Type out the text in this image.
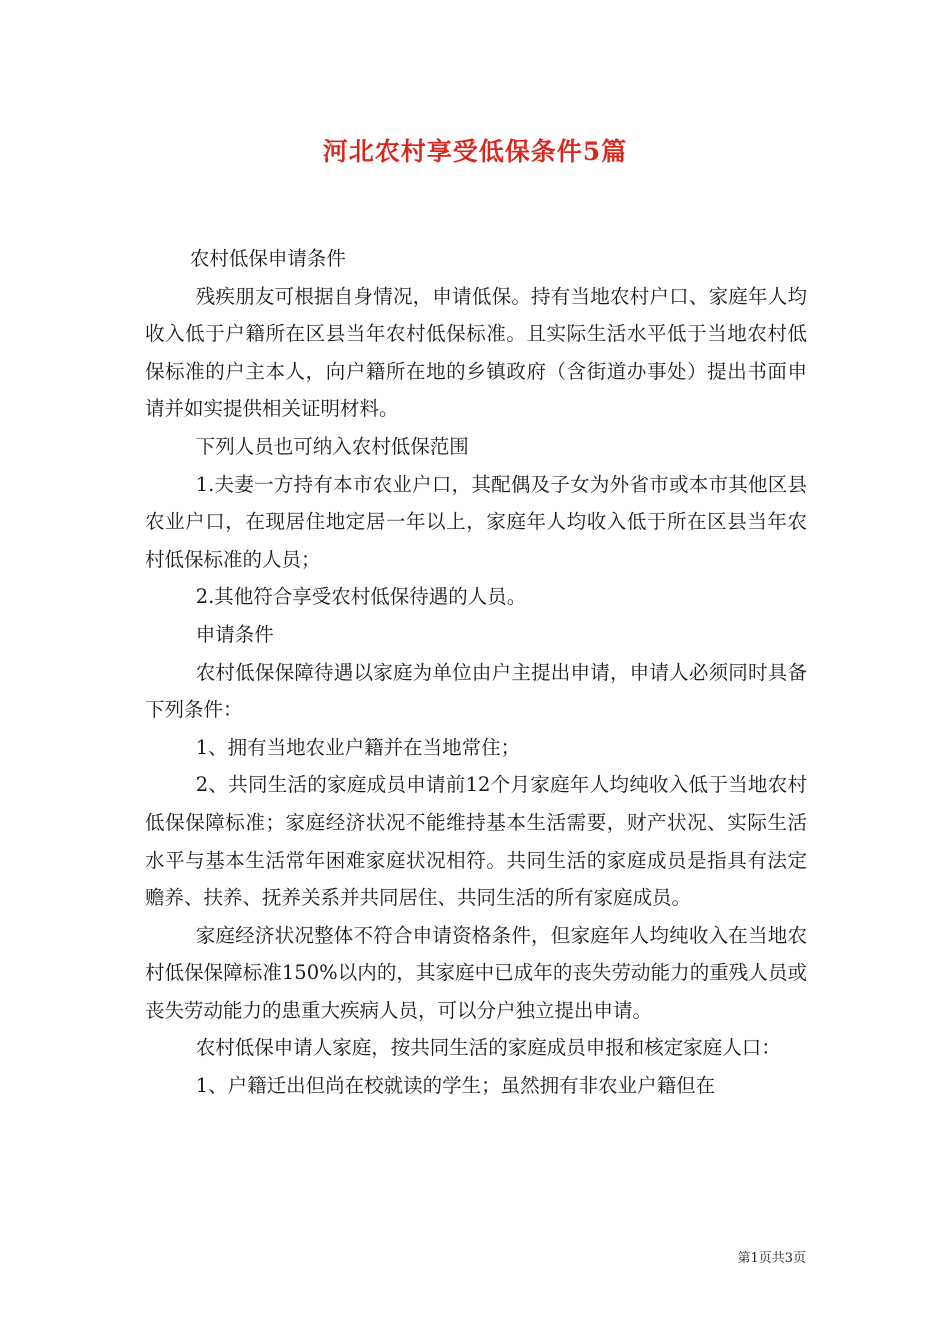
河北农村享受低保条件5篇

农村低保申请条件

残疾朋友可根据自身情况，申请低保。持有当地农村户口、家庭年人均收入低于户籍所在区县当年农村低保标准。且实际生活水平低于当地农村低保标准的户主本人，向户籍所在地的乡镇政府（含街道办事处）提出书面申请并如实提供相关证明材料。

下列人员也可纳入农村低保范围

1.夫妻一方持有本市农业户口，其配偶及子女为外省市或本市其他区县农业户口，在现居住地定居一年以上，家庭年人均收入低于所在区县当年农村低保标准的人员；

2.其他符合享受农村低保待遇的人员。

申请条件

农村低保保障待遇以家庭为单位由户主提出申请，申请人必须同时具备下列条件：

1、拥有当地农业户籍并在当地常住；

2、共同生活的家庭成员申请前12个月家庭年人均纯收入低于当地农村低保保障标准；家庭经济状况不能维持基本生活需要，财产状况、实际生活水平与基本生活常年困难家庭状况相符。共同生活的家庭成员是指具有法定赡养、扶养、抚养关系并共同居住、共同生活的所有家庭成员。

家庭经济状况整体不符合申请资格条件，但家庭年人均纯收入在当地农村低保保障标准150%以内的，其家庭中已成年的丧失劳动能力的重残人员或丧失劳动能力的患重大疾病人员，可以分户独立提出申请。

农村低保申请人家庭，按共同生活的家庭成员申报和核定家庭人口：

1、户籍迁出但尚在校就读的学生；虽然拥有非农业户籍但在

第1页共3页
